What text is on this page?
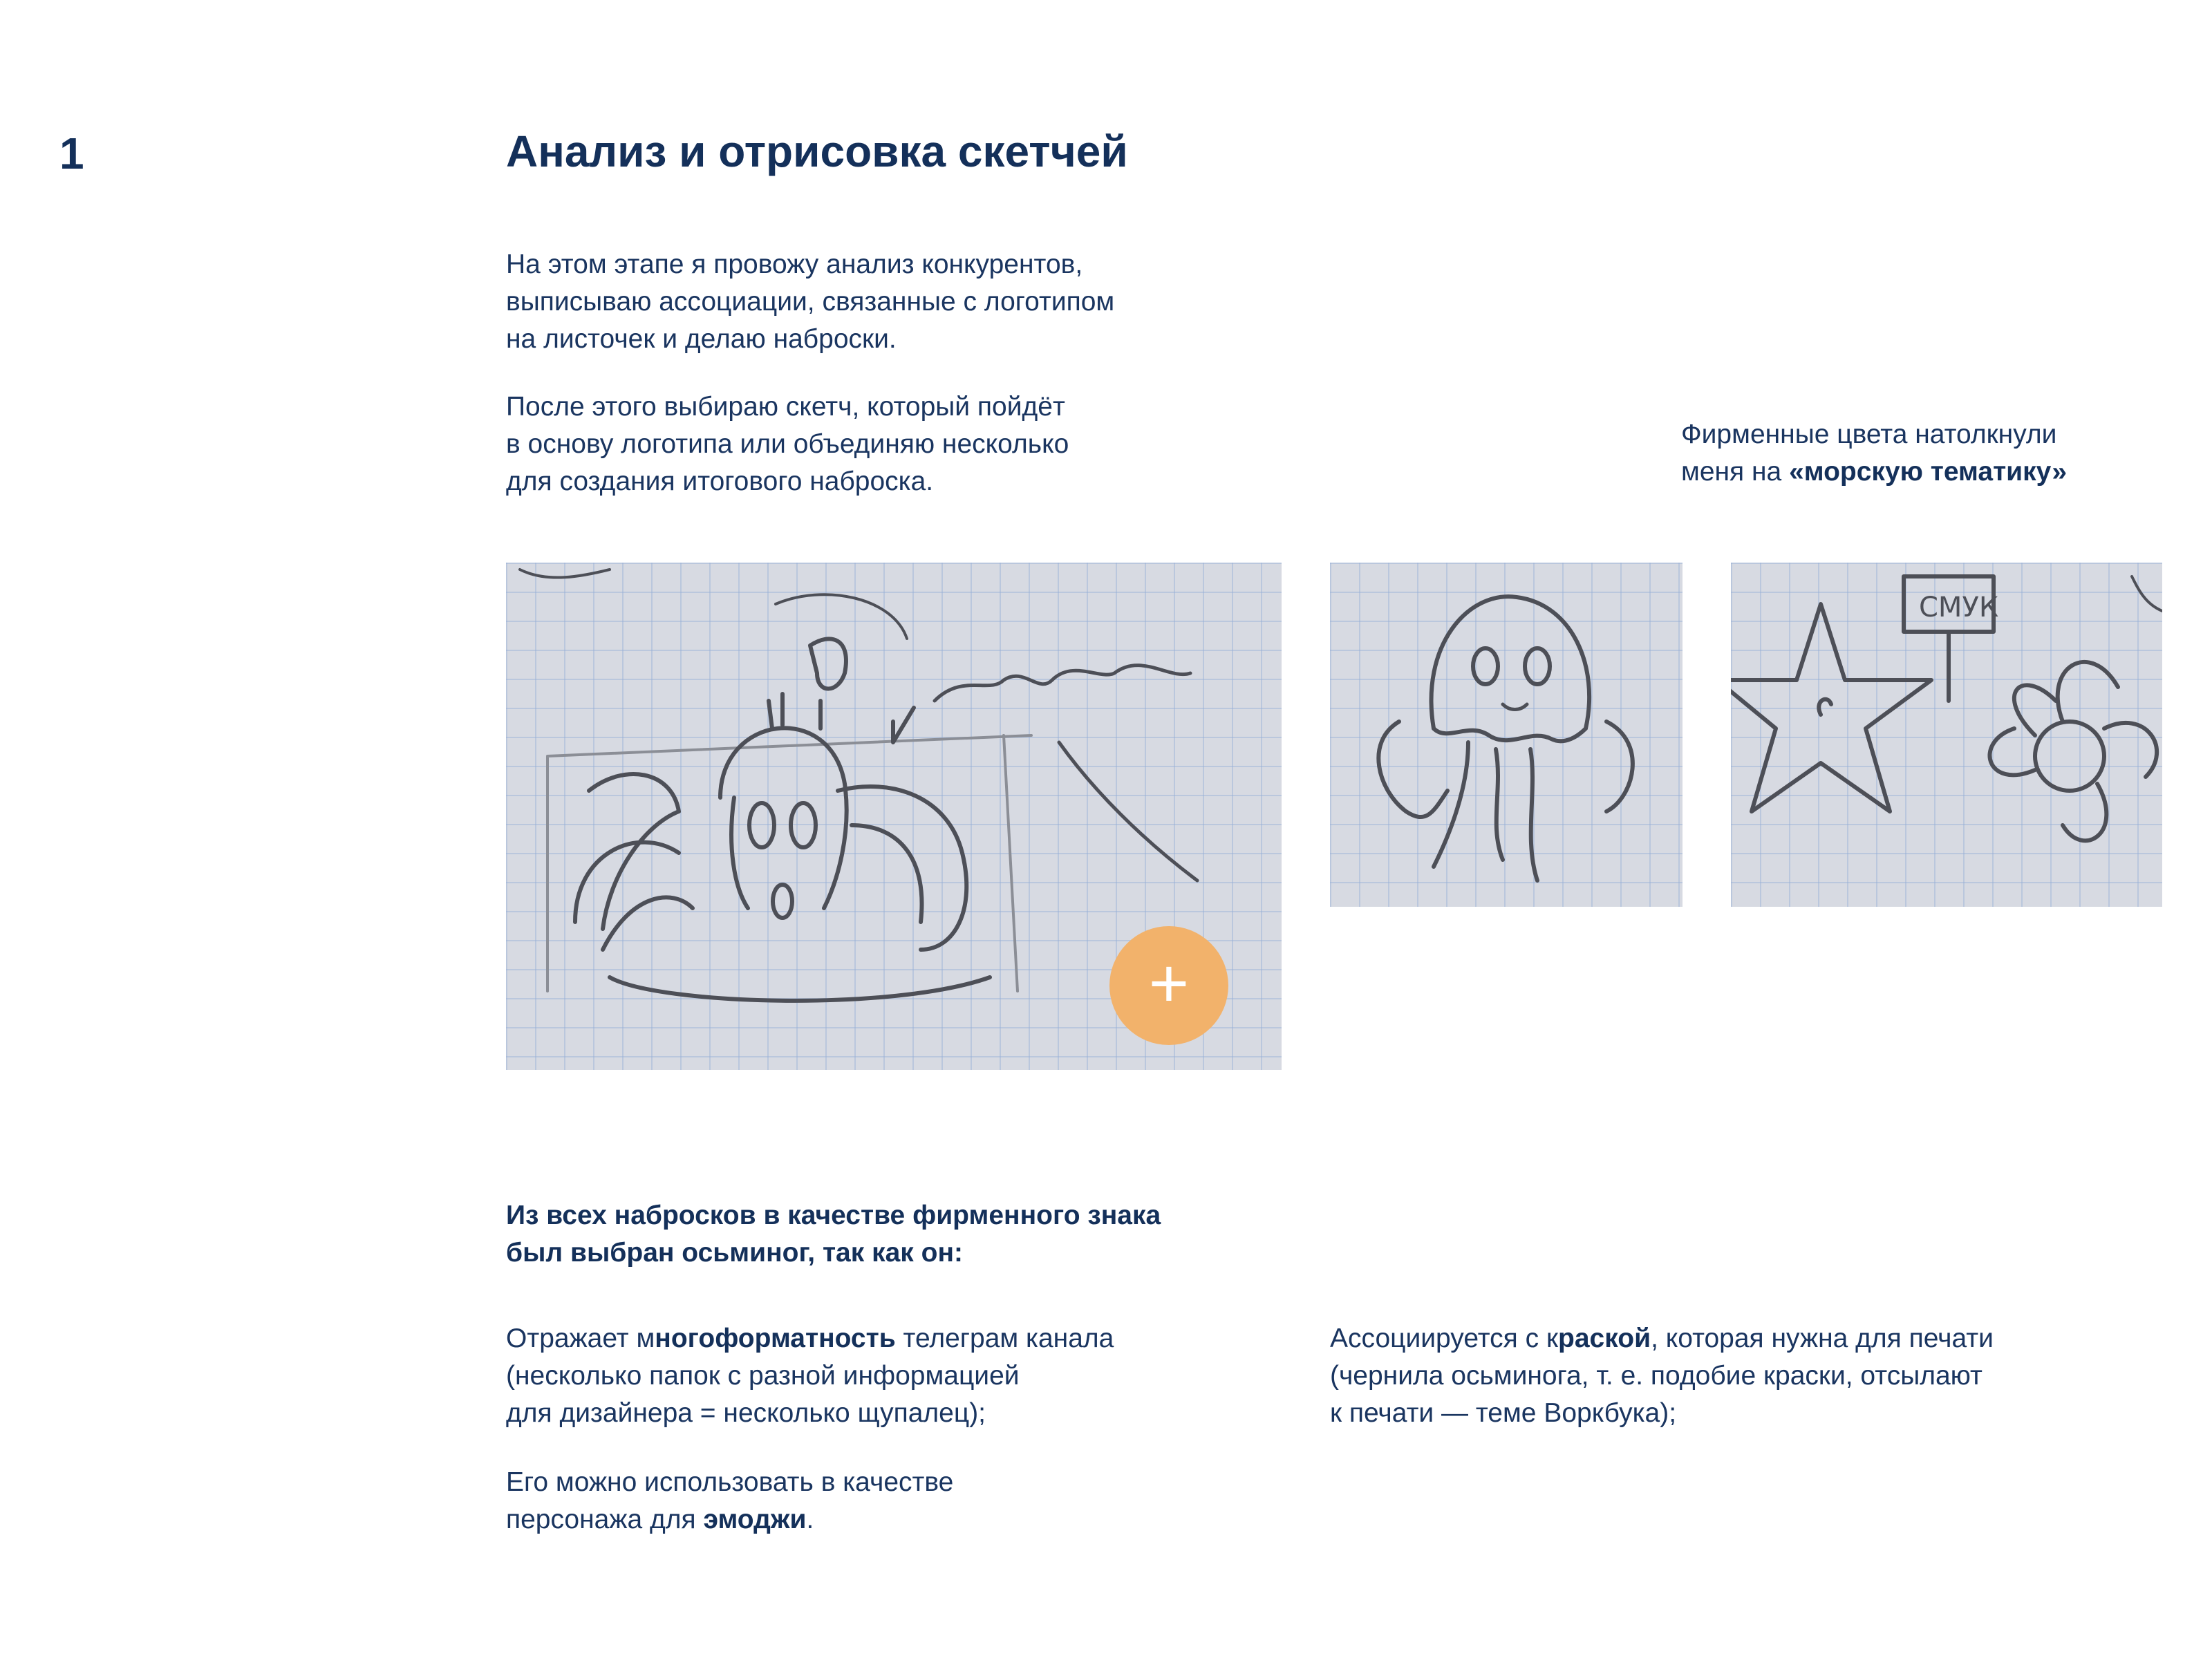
1	Анализ и отрисовка скетчей
На этом этапе я провожу анализ конкурентов,
выписываю ассоциации, связанные с логотипом
на листочек и делаю наброски.
После этого выбираю скетч, который пойдёт
в основу логотипа или объединяю несколько
для создания итогового наброска.
Фирменные цвета натолкнули
меня на «морскую тематику»
+
СМУК
Из всех набросков в качестве фирменного знака
был выбран осьминог, так как он:
Отражает многоформатность телеграм канала
(несколько папок с разной информацией
для дизайнера = несколько щупалец);
Его можно использовать в качестве
персонажа для эмоджи.
Ассоциируется с краской, которая нужна для печати
(чернила осьминога, т. е. подобие краски, отсылают
к печати — теме Воркбука);
